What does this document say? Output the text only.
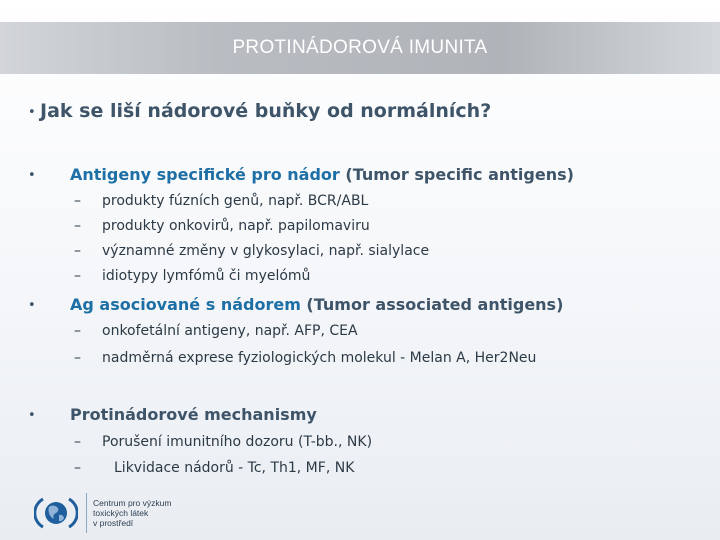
PROTINÁDOROVÁ IMUNITA
• Jak se liší nádorové buňky od normálních?
• Antigeny specifické pro nádor (Tumor specific antigens)
– produkty fúzních genů, např. BCR/ABL
– produkty onkovirů, např. papilomaviru
– významné změny v glykosylaci, např. sialylace
– idiotypy lymfómů či myelómů
• Ag asociované s nádorem (Tumor associated antigens)
– onkofetální antigeny, např. AFP, CEA
– nadměrná exprese fyziologických molekul - Melan A, Her2Neu
• Protinádorové mechanismy
– Porušení imunitního dozoru (T-bb., NK)
– Likvidace nádorů - Tc, Th1, MF, NK
Centrum pro výzkum
toxických látek
v prostředí
